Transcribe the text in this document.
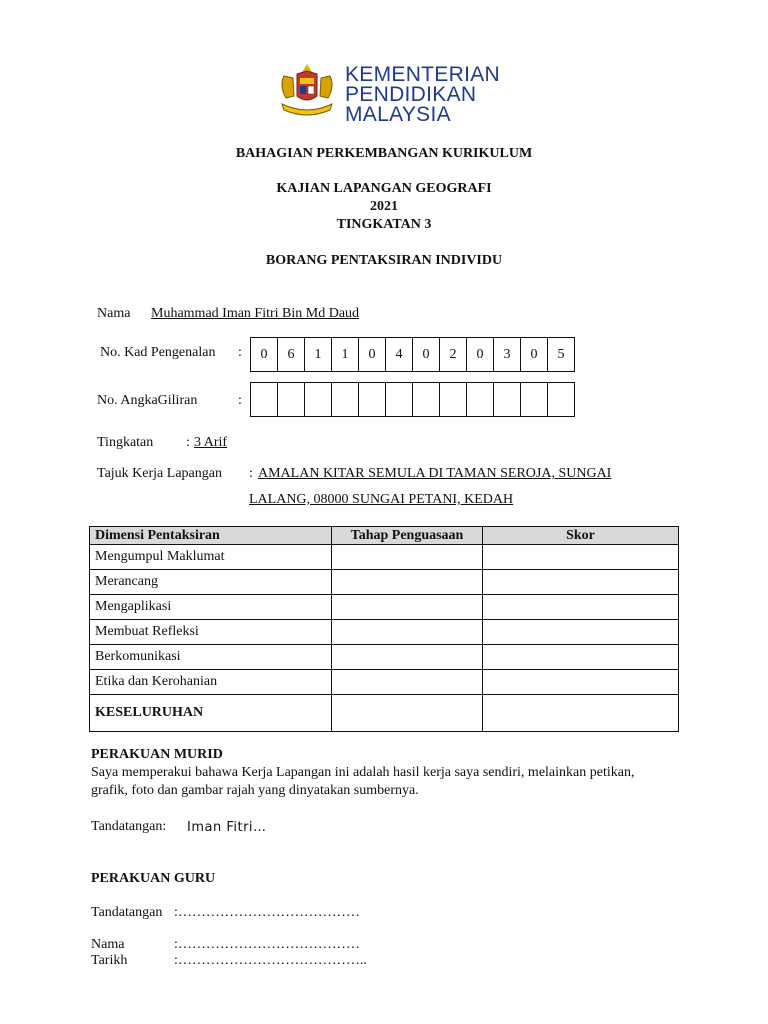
KEMENTERIAN
PENDIDIKAN
MALAYSIA
BAHAGIAN PERKEMBANGAN KURIKULUM
KAJIAN LAPANGAN GEOGRAFI
2021
TINGKATAN 3
BORANG PENTAKSIRAN INDIVIDU
Nama Muhammad Iman Fitri Bin Md Daud
No. Kad Pengenalan :	0	6	1	1	0	4	0	2	0	3	0	5
No. AngkaGiliran	:
Tingkatan : 3 Arif
Tajuk Kerja Lapangan : AMALAN KITAR SEMULA DI TAMAN SEROJA, SUNGAI
LALANG, 08000 SUNGAI PETANI, KEDAH
Dimensi Pentaksiran	Tahap Penguasaan	Skor
Mengumpul Maklumat		
Merancang		
Mengaplikasi		
Membuat Refleksi		
Berkomunikasi		
Etika dan Kerohanian		
KESELURUHAN		
PERAKUAN MURID
Saya memperakui bahawa Kerja Lapangan ini adalah hasil kerja saya sendiri, melainkan petikan,
grafik, foto dan gambar rajah yang dinyatakan sumbernya.
Tandatangan: Iman Fitri…
PERAKUAN GURU
Tandatangan :…………………………………
Nama	:…………………………………
Tarikh	:…………………………………..
